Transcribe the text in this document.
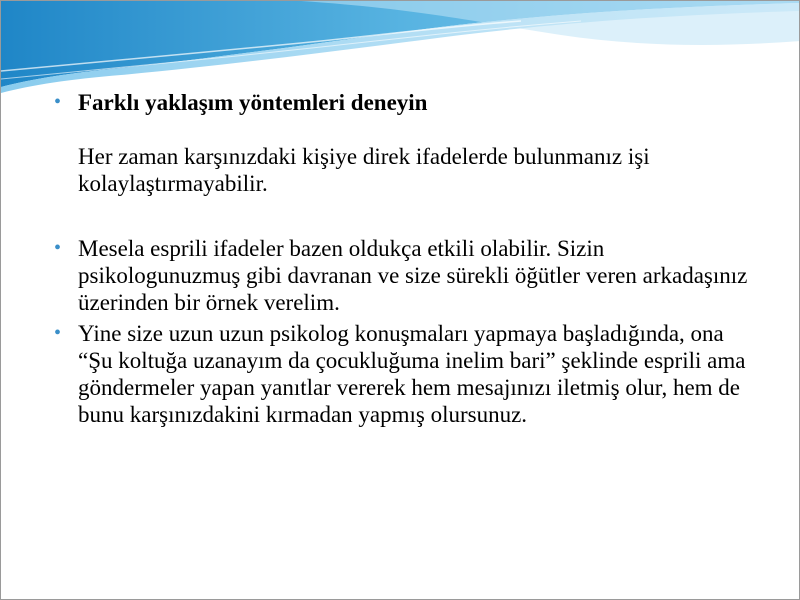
• Farklı yaklaşım yöntemleri deneyin
Her zaman karşınızdaki kişiye direk ifadelerde bulunmanız işi kolaylaştırmayabilir.
• Mesela esprili ifadeler bazen oldukça etkili olabilir. Sizin psikologunuzmuş gibi davranan ve size sürekli öğütler veren arkadaşınız üzerinden bir örnek verelim.
• Yine size uzun uzun psikolog konuşmaları yapmaya başladığında, ona “Şu koltuğa uzanayım da çocukluğuma inelim bari” şeklinde esprili ama göndermeler yapan yanıtlar vererek hem mesajınızı iletmiş olur, hem de bunu karşınızdakini kırmadan yapmış olursunuz.
